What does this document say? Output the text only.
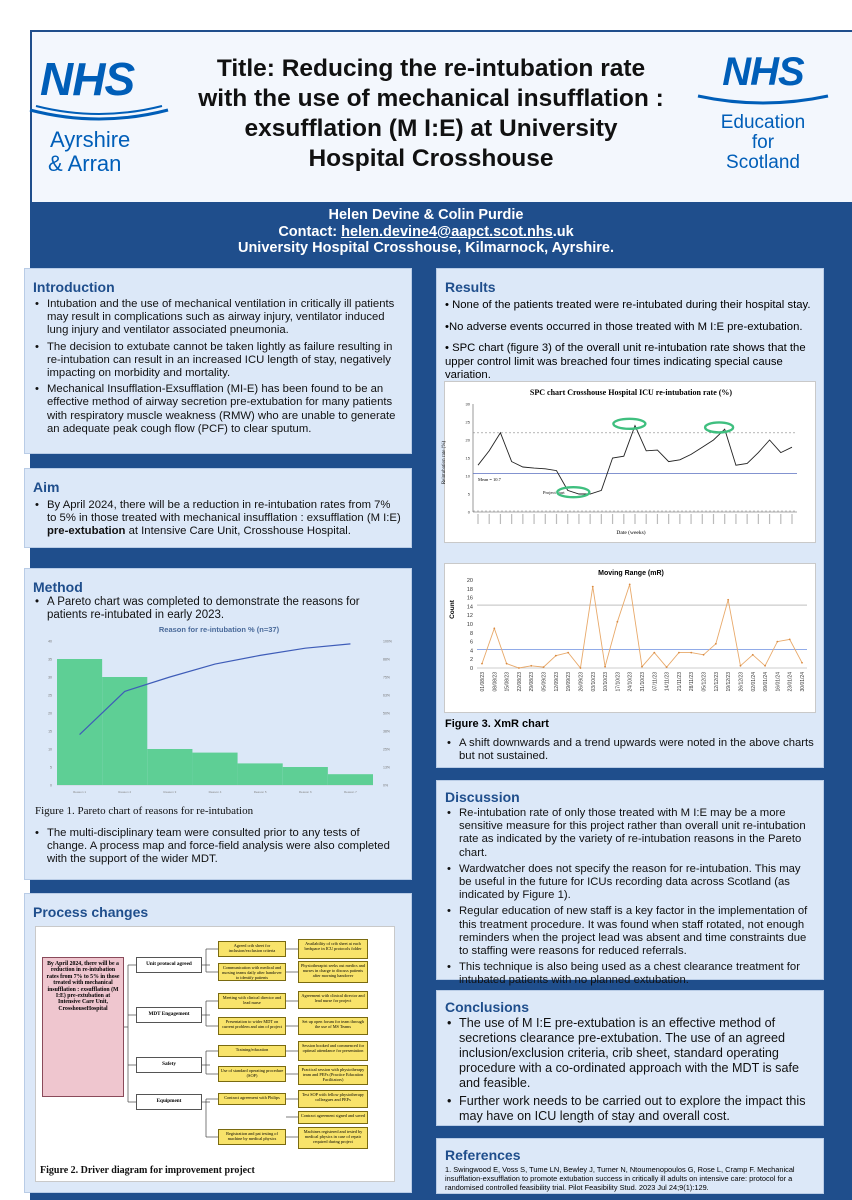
NHS
Ayrshire
& Arran
Title: Reducing the re-intubation rate with the use of mechanical insufflation : exsufflation (M I:E) at University Hospital Crosshouse
NHS
Education
for
Scotland
Helen Devine & Colin Purdie
Contact: helen.devine4@aapct.scot.nhs.uk
University Hospital Crosshouse, Kilmarnock, Ayrshire.
Introduction
• Intubation and the use of mechanical ventilation in critically ill patients may result in complications such as airway injury, ventilator induced lung injury and ventilator associated pneumonia.
• The decision to extubate cannot be taken lightly as failure resulting in re-intubation can result in an increased ICU length of stay, negatively impacting on morbidity and mortality.
• Mechanical Insufflation-Exsufflation (MI-E) has been found to be an effective method of airway secretion pre-extubation for many patients with respiratory muscle weakness (RMW) who are unable to generate an adequate peak cough flow (PCF) to clear sputum.
Aim
• By April 2024, there will be a reduction in re-intubation rates from 7% to 5% in those treated with mechanical insufflation : exsufflation (M I:E) pre-extubation at Intensive Care Unit, Crosshouse Hospital.
Method
• A Pareto chart was completed to demonstrate the reasons for patients re-intubated in early 2023.
Reason for re-intubation % (n=37)
0	0%
5	13%
10	25%
15	38%
20	50%
25	63%
30	75%
35	88%
40	100%
Reason 1	Reason 2	Reason 3	Reason 4	Reason 5	Reason 6	Reason 7
Figure 1. Pareto chart of reasons for re-intubation
• The multi-disciplinary team were consulted prior to any tests of change. A process map and force-field analysis were also completed with the support of the wider MDT.
Process changes
By April 2024, there will be a reduction in re-intubation rates from 7% to 5% in those treated with mechanical insufflation : exsufflation (M I:E) pre-extubation at Intensive Care Unit, CrosshouseHospital
Unit protocol agreed
MDT Engagement
Safety
Equipment
Agreed crib sheet for inclusion/exclusion criteria
Communication with medical and nursing teams daily after handover to identify patients
Meeting with clinical director and lead nurse
Presentation to wider MDT on current problem and aim of project
Training/education
Use of standard operating procedure (SOP)
Contract agreement with Philips
Registration and pat testing of machine by medical physics
Availability of crib sheet at each bedspace in ICU protocols folder
Physiotherapist seeks out medics and nurses in charge to discuss patients after morning handover
Agreement with clinical director and lead nurse for project
Set up open forum for team through the use of MS Teams
Session booked and commenced for optimal attendance for presentation
Practical session with physiotherapy team and PEFs (Practice Education Facilitators)
Test SOP with fellow physiotherapy colleagues and PEFs
Contract agreement signed and saved
Machines registered and tested by medical physics in case of repair required during project
Figure 2. Driver diagram for improvement project
Results
• None of the patients treated were re-intubated during their hospital stay.
•No adverse events occurred in those treated with M I:E pre-extubation.
• SPC chart (figure 3) of the overall unit re-intubation rate shows that the upper control limit was breached four times indicating special cause variation.
SPC chart Crosshouse Hospital ICU re-intubation rate (%)
Reintubation rate (%)
Date (weeks)
Mean = 10.7
Project start
0
5
10
15
20
25
30
Moving Range (mR)
Count
0
2
4
6
8
10
12
14
16
18
20
01/08/23 08/08/23 15/08/23 22/08/23 29/08/23 05/09/23 12/09/23 19/09/23 26/09/23 03/10/23 10/10/23 17/10/23 24/10/23 31/10/23 07/11/23 14/11/23 21/11/23 28/11/23 05/12/23 12/12/23 19/12/23 26/12/23 02/01/24 09/01/24 16/01/24 23/01/24 30/01/24
Figure 3. XmR chart
• A shift downwards and a trend upwards were noted in the above charts but not sustained.
Discussion
• Re-intubation rate of only those treated with M I:E may be a more sensitive measure for this project rather than overall unit re-intubation rate as indicated by the variety of re-intubation reasons in the Pareto chart.
• Wardwatcher does not specify the reason for re-intubation. This may be useful in the future for ICUs recording data across Scotland (as indicated by Figure 1).
• Regular education of new staff is a key factor in the implementation of this treatment procedure. It was found when staff rotated, not enough reminders when the project lead was absent and time constraints due to staffing were reasons for reduced referrals.
• This technique is also being used as a chest clearance treatment for intubated patients with no planned extubation.
Conclusions
• The use of M I:E pre-extubation is an effective method of secretions clearance pre-extubation. The use of an agreed inclusion/exclusion criteria, crib sheet, standard operating procedure with a co-ordinated approach with the MDT is safe and feasible.
• Further work needs to be carried out to explore the impact this may have on ICU length of stay and overall cost.
References
1. Swingwood E, Voss S, Tume LN, Bewley J, Turner N, Ntoumenopoulos G, Rose L, Cramp F. Mechanical insufflation-exsufflation to promote extubation success in critically ill adults on intensive care: protocol for a randomised controlled feasibility trial. Pilot Feasibility Stud. 2023 Jul 24;9(1):129.
